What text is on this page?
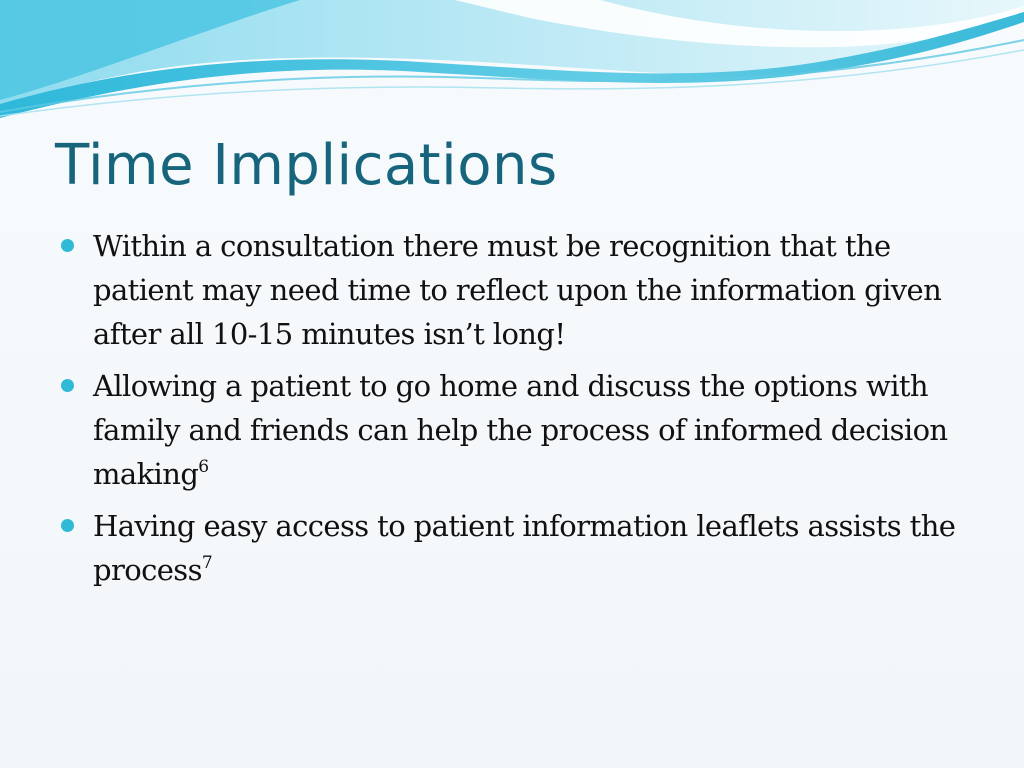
Time Implications
Within a consultation there must be recognition that the patient may need time to reflect upon the information given after all 10-15 minutes isn’t long!
Allowing a patient to go home and discuss the options with family and friends can help the process of informed decision making$^6$
Having easy access to patient information leaflets assists the process$^7$
